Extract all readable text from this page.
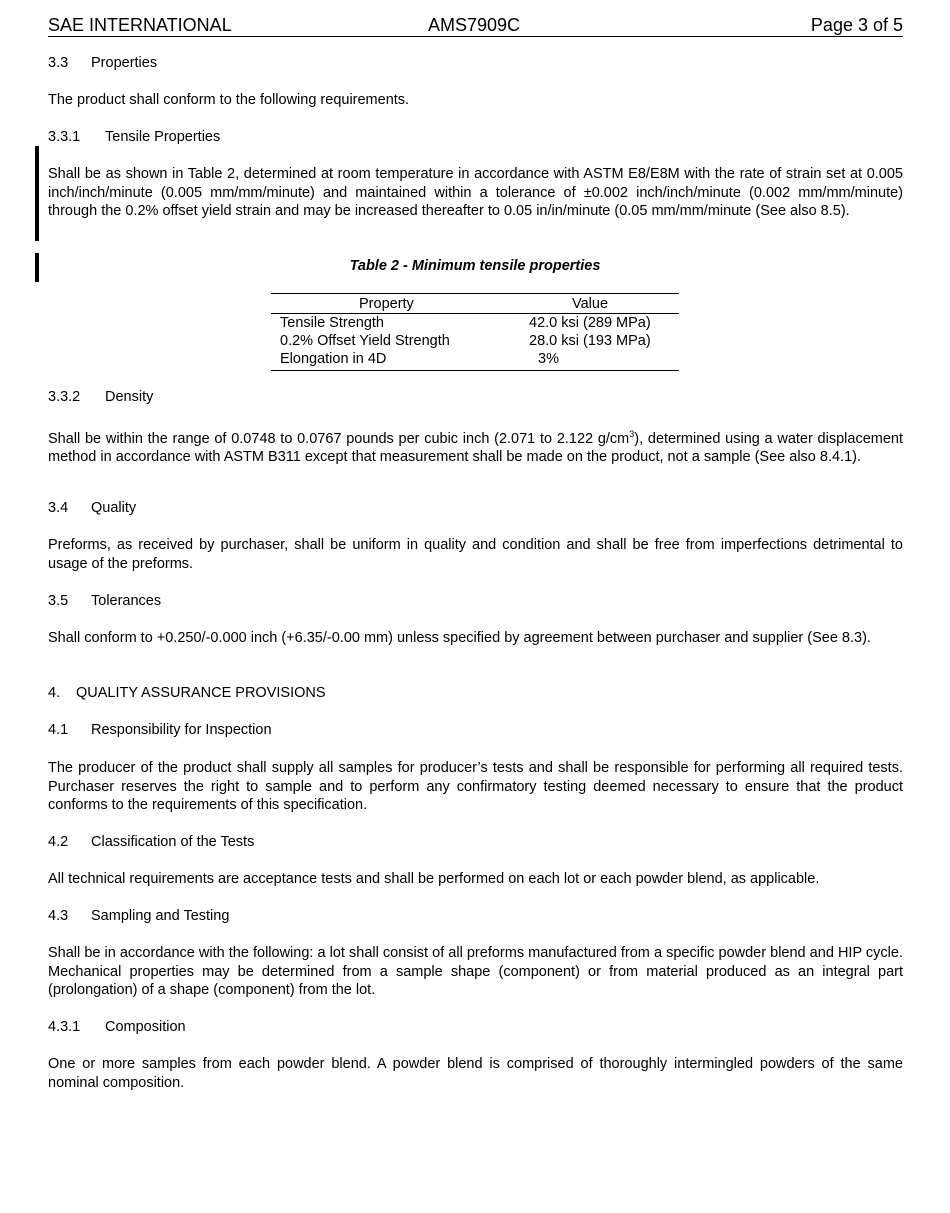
SAE INTERNATIONAL	AMS7909C	Page 3 of 5
3.3 Properties
The product shall conform to the following requirements.
3.3.1 Tensile Properties
Shall be as shown in Table 2, determined at room temperature in accordance with ASTM E8/E8M with the rate of strain set at 0.005 inch/inch/minute (0.005 mm/mm/minute) and maintained within a tolerance of ±0.002 inch/inch/minute (0.002 mm/mm/minute) through the 0.2% offset yield strain and may be increased thereafter to 0.05 in/in/minute (0.05 mm/mm/minute (See also 8.5).
Table 2 - Minimum tensile properties
Property	Value
Tensile Strength	42.0 ksi (289 MPa)
0.2% Offset Yield Strength	28.0 ksi (193 MPa)
Elongation in 4D	3%
3.3.2 Density
Shall be within the range of 0.0748 to 0.0767 pounds per cubic inch (2.071 to 2.122 $g/cm^3$), determined using a water displacement method in accordance with ASTM B311 except that measurement shall be made on the product, not a sample (See also 8.4.1).
3.4 Quality
Preforms, as received by purchaser, shall be uniform in quality and condition and shall be free from imperfections detrimental to usage of the preforms.
3.5 Tolerances
Shall conform to +0.250/-0.000 inch (+6.35/-0.00 mm) unless specified by agreement between purchaser and supplier (See 8.3).
4. QUALITY ASSURANCE PROVISIONS
4.1 Responsibility for Inspection
The producer of the product shall supply all samples for producer’s tests and shall be responsible for performing all required tests. Purchaser reserves the right to sample and to perform any confirmatory testing deemed necessary to ensure that the product conforms to the requirements of this specification.
4.2 Classification of the Tests
All technical requirements are acceptance tests and shall be performed on each lot or each powder blend, as applicable.
4.3 Sampling and Testing
Shall be in accordance with the following: a lot shall consist of all preforms manufactured from a specific powder blend and HIP cycle. Mechanical properties may be determined from a sample shape (component) or from material produced as an integral part (prolongation) of a shape (component) from the lot.
4.3.1 Composition
One or more samples from each powder blend. A powder blend is comprised of thoroughly intermingled powders of the same nominal composition.
